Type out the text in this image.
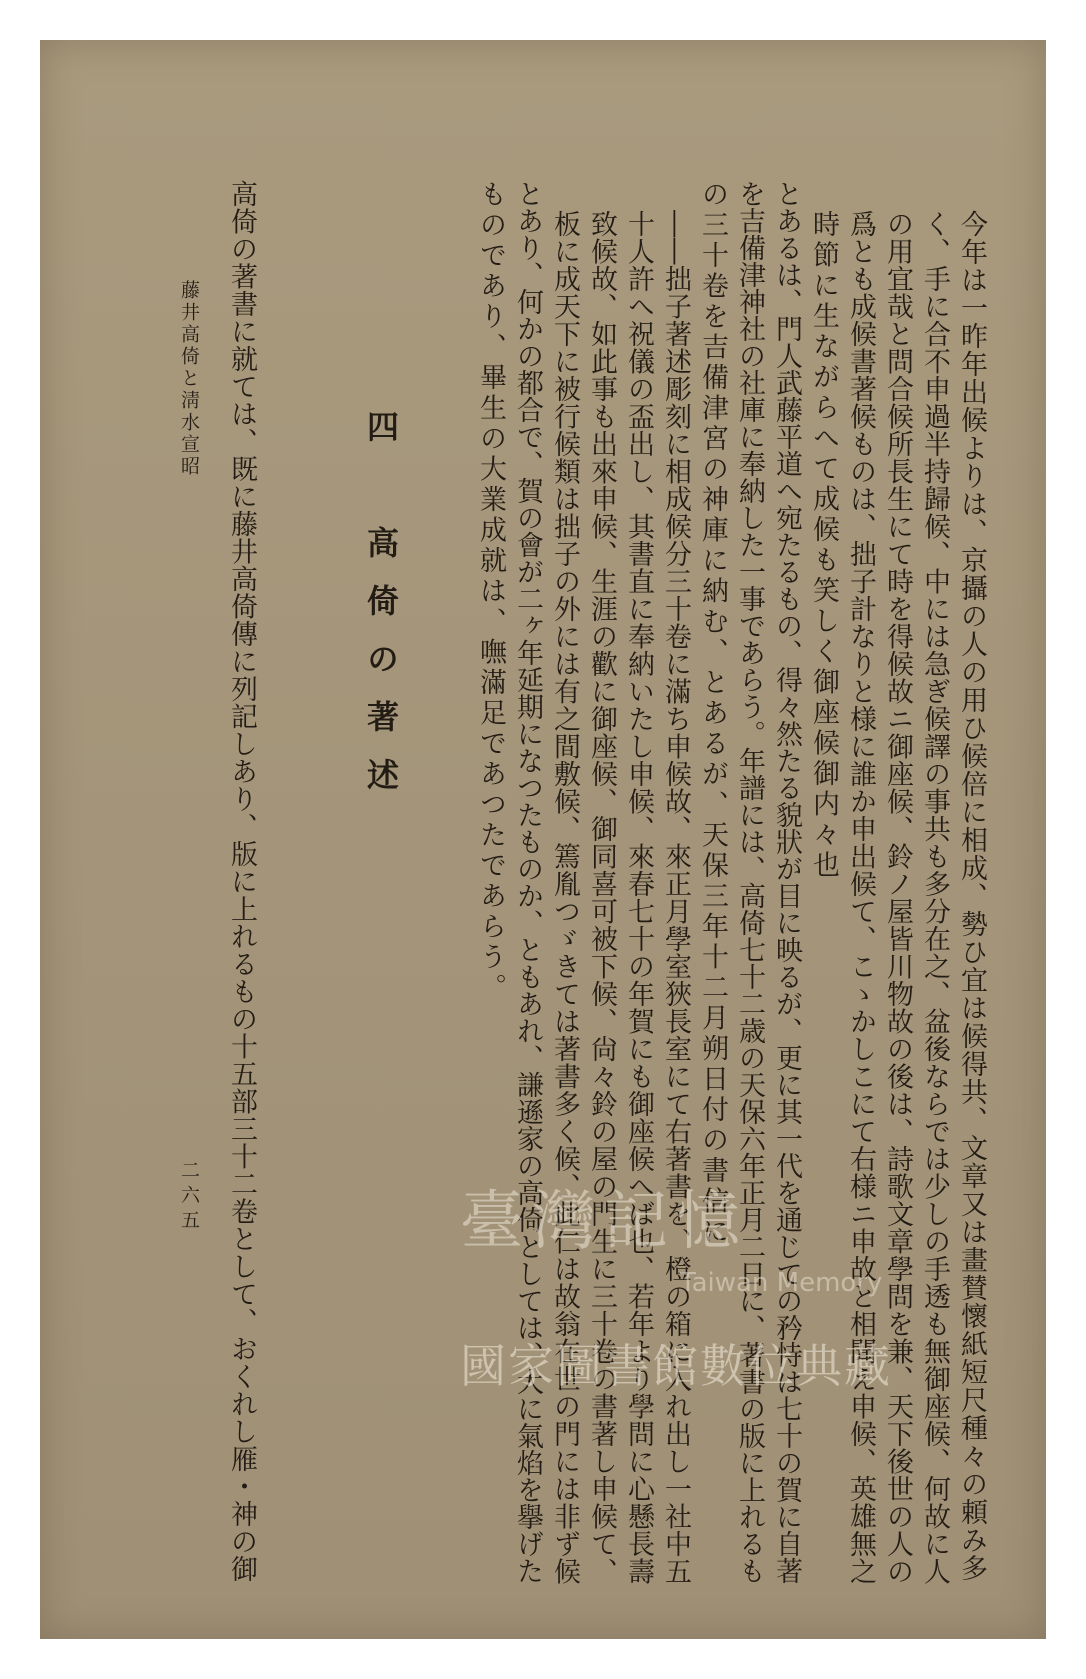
今年は一昨年出候よりは、京攝の人の用ひ候倍に相成、勢ひ宜は候得共、文章又は畫賛懷紙短尺種々の頼み多
く、手に合不申過半持歸候、中には急ぎ候譯の事共も多分在之、盆後ならでは少しの手透も無御座候、何故に人
の用宜哉と問合候所長生にて時を得候故ニ御座候、鈴ノ屋皆川物故の後は、詩歌文章學問を兼、天下後世の人の
爲とも成候書著候ものは、拙子計なりと様に誰か申出候て、こゝかしこにて右様ニ申故と相聞え申候、英雄無之
時節に生ながらへて成候も笑しく御座候御内々也
とあるは、門人武藤平道へ宛たるもの、得々然たる貌狀が目に映るが、更に其一代を通じての矜恃は七十の賀に自著
を吉備津神社の社庫に奉納した一事であらう。年譜には、高倚七十二歳の天保六年正月二日に、著書の版に上れるも
の三十卷を吉備津宮の神庫に納む、とあるが、天保三年十二月朔日付の書信に
――拙子著述彫刻に相成候分三十卷に滿ち申候故、來正月學室狹長室にて右著書を、橙の箱に入れ出し一社中五
十人許へ祝儀の盃出し、其書直に奉納いたし申候、來春七十の年賀にも御座候へば也、若年より學問に心懸長壽
致候故、如此事も出來申候、生涯の歡に御座候、御同喜可被下候、尙々鈴の屋の門生に三十卷の書著し申候て、
板に成天下に被行候類は拙子の外には有之間敷候、篶胤つゞきては著書多く候、此仁は故翁在世の門には非ず候
とあり、何かの都合で、賀の會が二ヶ年延期になつたものか、ともあれ、謙遜家の高倚としては、大に氣焰を擧げた
ものであり、畢生の大業成就は、嘸滿足であつたであらう。
四　高倚の著述
高倚の著書に就ては、既に藤井高倚傳に列記しあり、版に上れるもの十五部三十二卷として、おくれし雁・神の御
藤井高倚と淸水宣昭
二六五	臺灣記憶
Taiwan Memory
國家圖書館數位典藏
